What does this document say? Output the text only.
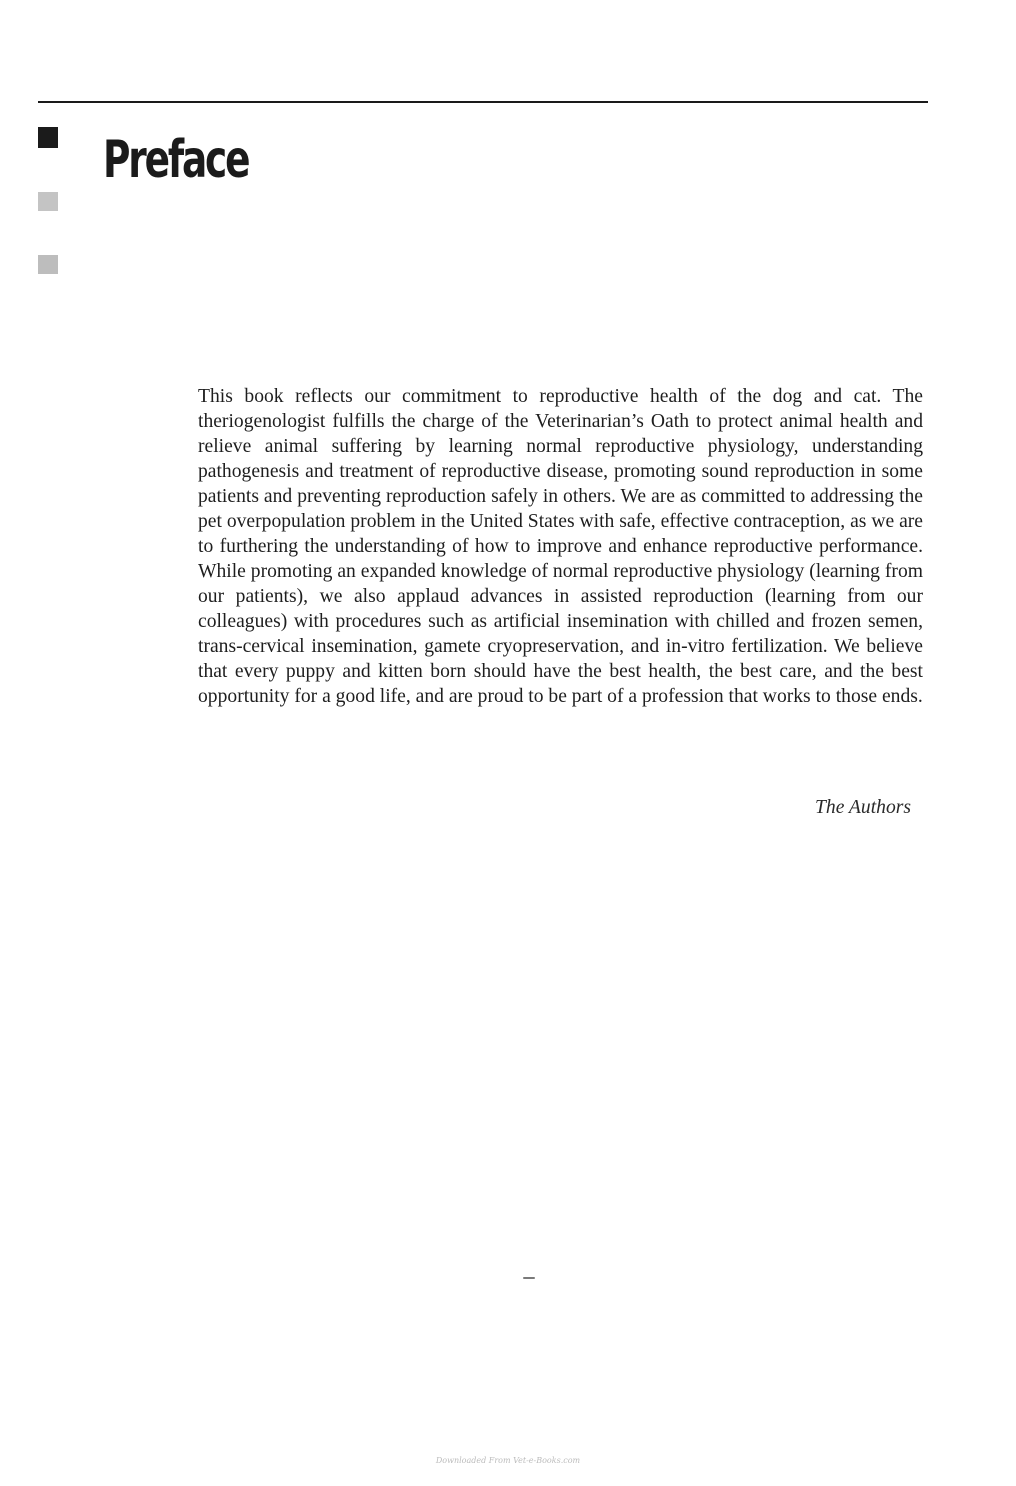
Preface

This book reflects our commitment to reproductive health of the dog and cat. The theriogenologist fulfills the charge of the Veterinarian’s Oath to protect animal health and relieve animal suffering by learning normal reproductive physiology, understanding pathogenesis and treatment of reproductive disease, promoting sound reproduction in some patients and preventing reproduction safely in others. We are as committed to addressing the pet overpopulation problem in the United States with safe, effective contraception, as we are to furthering the understanding of how to improve and enhance reproductive performance. While promoting an expanded knowledge of normal reproductive physiology (learning from our patients), we also applaud advances in assisted reproduction (learning from our colleagues) with procedures such as artificial insemination with chilled and frozen semen, trans-cervical insemination, gamete cryopreservation, and in-vitro fertilization. We believe that every puppy and kitten born should have the best health, the best care, and the best opportunity for a good life, and are proud to be part of a profession that works to those ends.

The Authors

Downloaded From Vet-e-Books.com
